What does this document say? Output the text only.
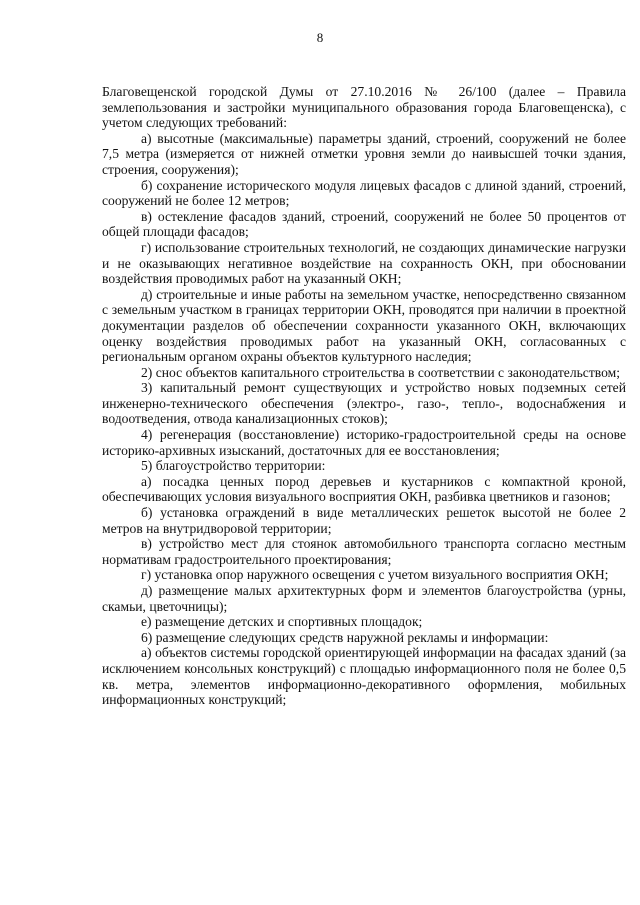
8

Благовещенской городской Думы от 27.10.2016 № 26/100 (далее – Правила землепользования и застройки муниципального образования города Благовещенска), с учетом следующих требований:

а) высотные (максимальные) параметры зданий, строений, сооружений не более 7,5 метра (измеряется от нижней отметки уровня земли до наивысшей точки здания, строения, сооружения);

б) сохранение исторического модуля лицевых фасадов с длиной зданий, строений, сооружений не более 12 метров;

в) остекление фасадов зданий, строений, сооружений не более 50 процентов от общей площади фасадов;

г) использование строительных технологий, не создающих динамические нагрузки и не оказывающих негативное воздействие на сохранность ОКН, при обосновании воздействия проводимых работ на указанный ОКН;

д) строительные и иные работы на земельном участке, непосредственно связанном с земельным участком в границах территории ОКН, проводятся при наличии в проектной документации разделов об обеспечении сохранности указанного ОКН, включающих оценку воздействия проводимых работ на указанный ОКН, согласованных с региональным органом охраны объектов культурного наследия;

2) снос объектов капитального строительства в соответствии с законодательством;

3) капитальный ремонт существующих и устройство новых подземных сетей инженерно-технического обеспечения (электро-, газо-, тепло-, водоснабжения и водоотведения, отвода канализационных стоков);

4) регенерация (восстановление) историко-градостроительной среды на основе историко-архивных изысканий, достаточных для ее восстановления;

5) благоустройство территории:

а) посадка ценных пород деревьев и кустарников с компактной кроной, обеспечивающих условия визуального восприятия ОКН, разбивка цветников и газонов;

б) установка ограждений в виде металлических решеток высотой не более 2 метров на внутридворовой территории;

в) устройство мест для стоянок автомобильного транспорта согласно местным нормативам градостроительного проектирования;

г) установка опор наружного освещения с учетом визуального восприятия ОКН;

д) размещение малых архитектурных форм и элементов благоустройства (урны, скамьи, цветочницы);

е) размещение детских и спортивных площадок;

6) размещение следующих средств наружной рекламы и информации:

а) объектов системы городской ориентирующей информации на фасадах зданий (за исключением консольных конструкций) с площадью информационного поля не более 0,5 кв. метра, элементов информационно-декоративного оформления, мобильных информационных конструкций;
